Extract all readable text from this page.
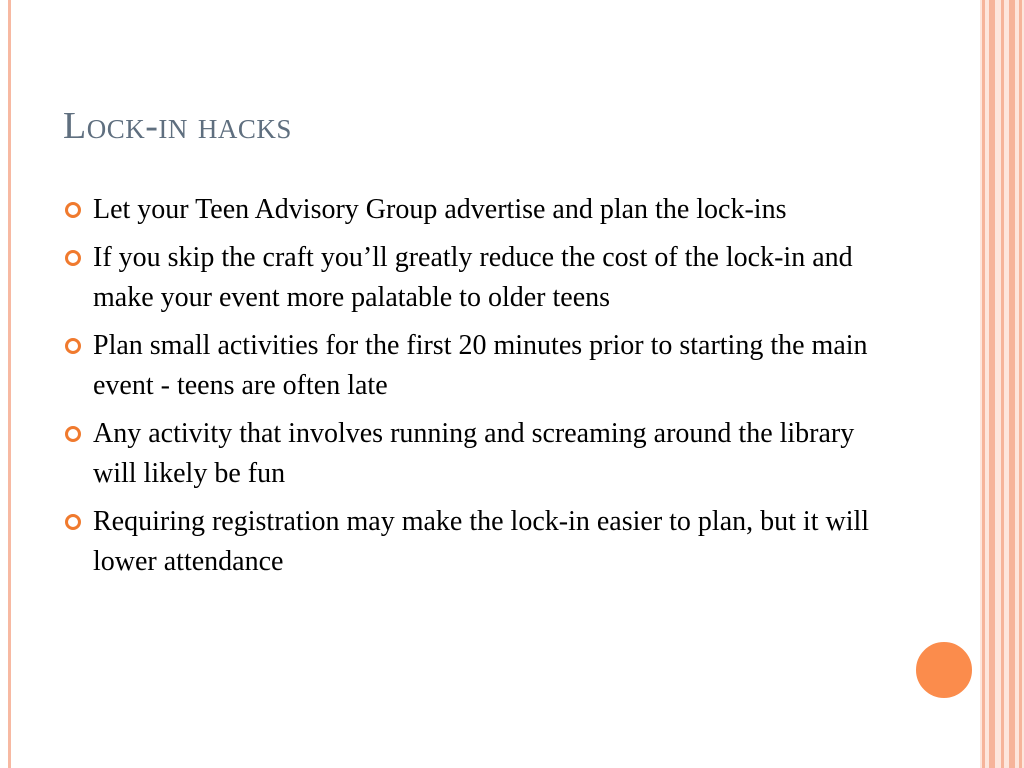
Lock-in hacks
Let your Teen Advisory Group advertise and plan the lock-ins
If you skip the craft you’ll greatly reduce the cost of the lock-in and make your event more palatable to older teens
Plan small activities for the first 20 minutes prior to starting the main event - teens are often late
Any activity that involves running and screaming around the library will likely be fun
Requiring registration may make the lock-in easier to plan, but it will lower attendance
